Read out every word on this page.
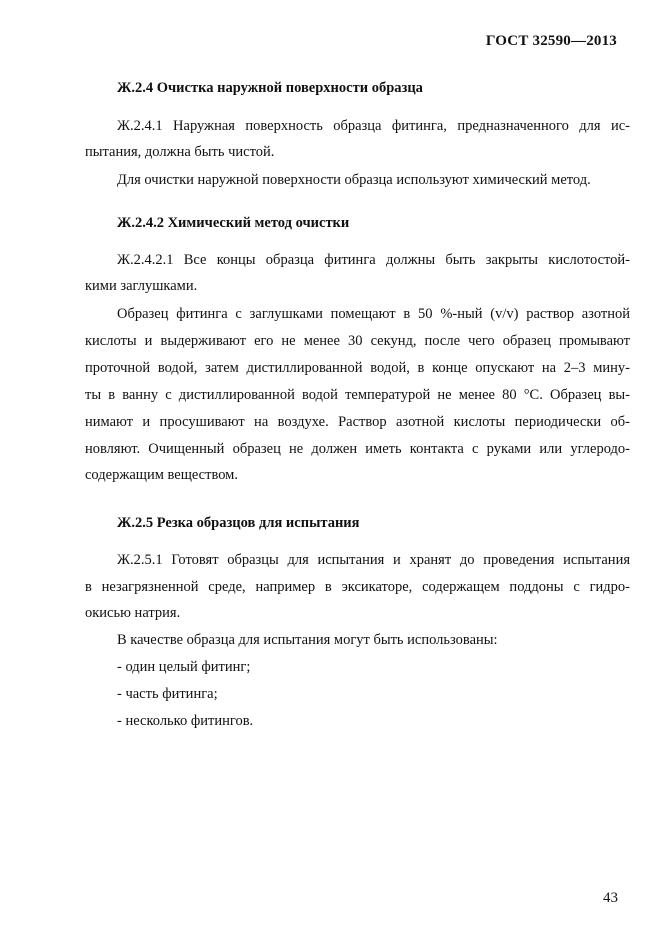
ГОСТ 32590—2013
Ж.2.4 Очистка наружной поверхности образца
Ж.2.4.1 Наружная поверхность образца фитинга, предназначенного для ис-
пытания, должна быть чистой.
Для очистки наружной поверхности образца используют химический метод.
Ж.2.4.2 Химический метод очистки
Ж.2.4.2.1 Все концы образца фитинга должны быть закрыты кислотостой-
кими заглушками.
Образец фитинга с заглушками помещают в 50 %-ный (v/v) раствор азотной
кислоты и выдерживают его не менее 30 секунд, после чего образец промывают
проточной водой, затем дистиллированной водой, в конце опускают на 2–3 мину-
ты в ванну с дистиллированной водой температурой не менее 80 °C. Образец вы-
нимают и просушивают на воздухе. Раствор азотной кислоты периодически об-
новляют. Очищенный образец не должен иметь контакта с руками или углеродо-
содержащим веществом.
Ж.2.5 Резка образцов для испытания
Ж.2.5.1 Готовят образцы для испытания и хранят до проведения испытания
в незагрязненной среде, например в эксикаторе, содержащем поддоны с гидро-
окисью натрия.
В качестве образца для испытания могут быть использованы:
- один целый фитинг;
- часть фитинга;
- несколько фитингов.
43
